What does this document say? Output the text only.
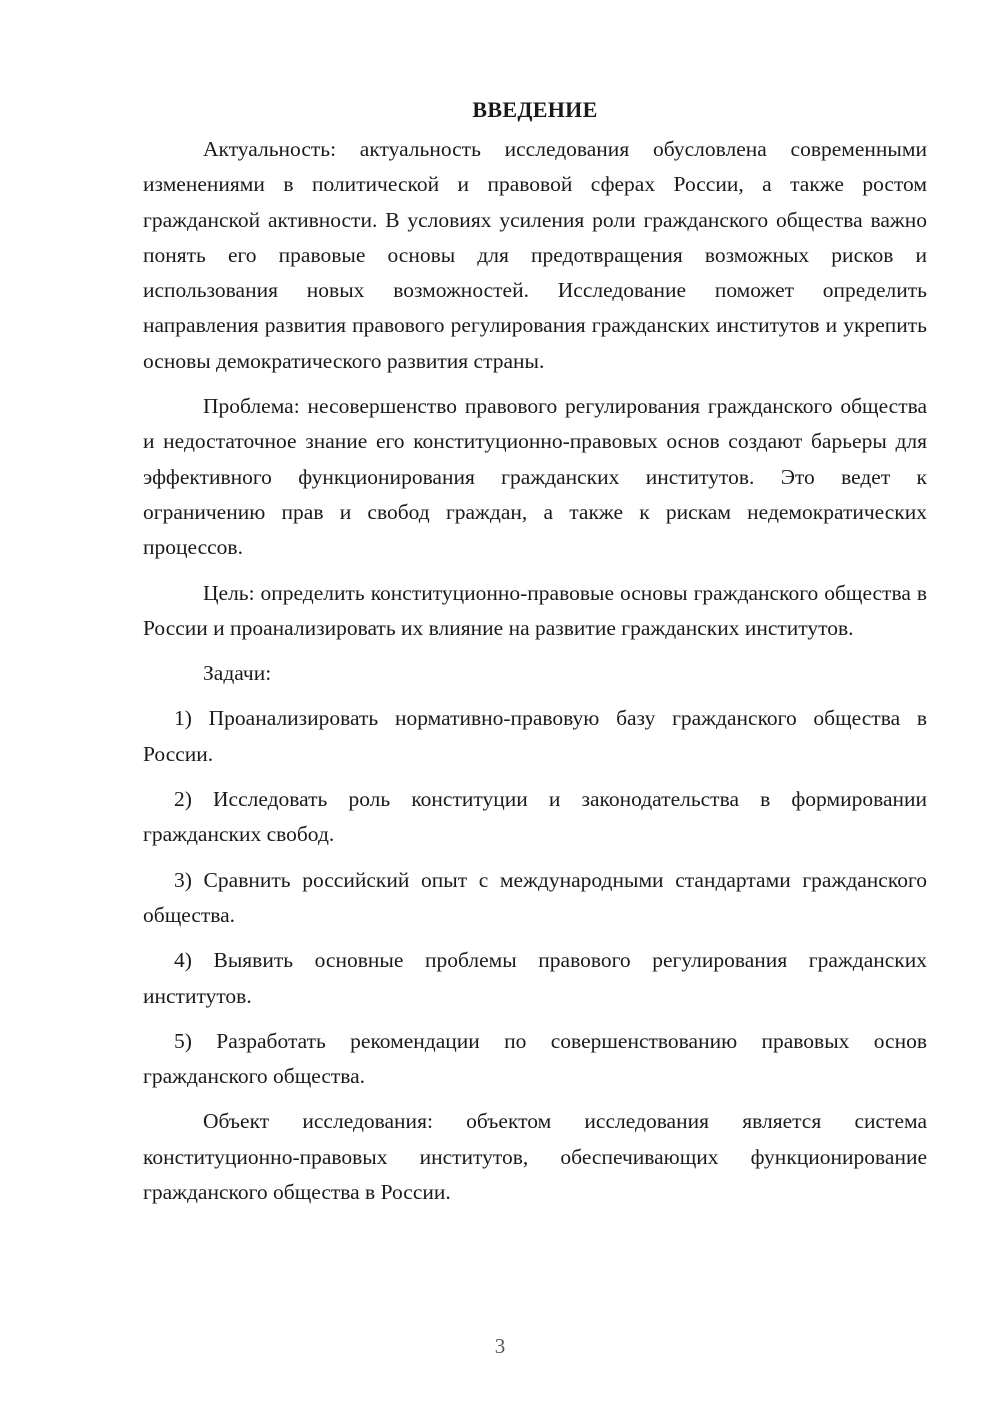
ВВЕДЕНИЕ

Актуальность: актуальность исследования обусловлена современными изменениями в политической и правовой сферах России, а также ростом гражданской активности. В условиях усиления роли гражданского общества важно понять его правовые основы для предотвращения возможных рисков и использования новых возможностей. Исследование поможет определить направления развития правового регулирования гражданских институтов и укрепить основы демократического развития страны.

Проблема: несовершенство правового регулирования гражданского общества и недостаточное знание его конституционно-правовых основ создают барьеры для эффективного функционирования гражданских институтов. Это ведет к ограничению прав и свобод граждан, а также к рискам недемократических процессов.

Цель: определить конституционно-правовые основы гражданского общества в России и проанализировать их влияние на развитие гражданских институтов.

Задачи:

1) Проанализировать нормативно-правовую базу гражданского общества в России.

2) Исследовать роль конституции и законодательства в формировании гражданских свобод.

3) Сравнить российский опыт с международными стандартами гражданского общества.

4) Выявить основные проблемы правового регулирования гражданских институтов.

5) Разработать рекомендации по совершенствованию правовых основ гражданского общества.

Объект исследования: объектом исследования является система конституционно-правовых институтов, обеспечивающих функционирование гражданского общества в России.

3
